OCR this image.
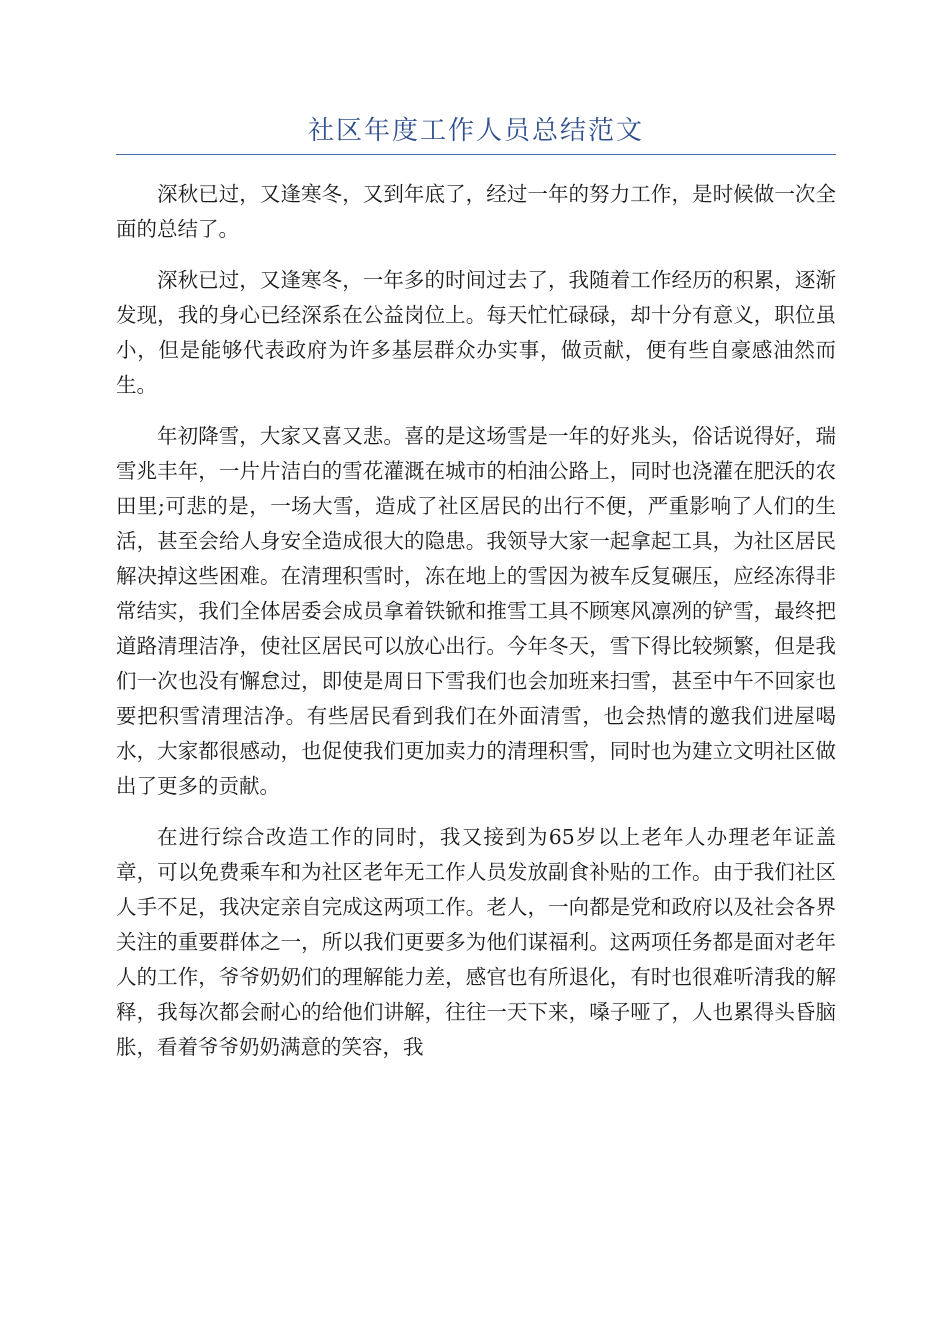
社区年度工作人员总结范文

深秋已过，又逢寒冬，又到年底了，经过一年的努力工作，是时候做一次全面的总结了。

深秋已过，又逢寒冬，一年多的时间过去了，我随着工作经历的积累，逐渐发现，我的身心已经深系在公益岗位上。每天忙忙碌碌，却十分有意义，职位虽小，但是能够代表政府为许多基层群众办实事，做贡献，便有些自豪感油然而生。

年初降雪，大家又喜又悲。喜的是这场雪是一年的好兆头，俗话说得好，瑞雪兆丰年，一片片洁白的雪花灌溉在城市的柏油公路上，同时也浇灌在肥沃的农田里;可悲的是，一场大雪，造成了社区居民的出行不便，严重影响了人们的生活，甚至会给人身安全造成很大的隐患。我领导大家一起拿起工具，为社区居民解决掉这些困难。在清理积雪时，冻在地上的雪因为被车反复碾压，应经冻得非常结实，我们全体居委会成员拿着铁锨和推雪工具不顾寒风凛冽的铲雪，最终把道路清理洁净，使社区居民可以放心出行。今年冬天，雪下得比较频繁，但是我们一次也没有懈怠过，即使是周日下雪我们也会加班来扫雪，甚至中午不回家也要把积雪清理洁净。有些居民看到我们在外面清雪，也会热情的邀我们进屋喝水，大家都很感动，也促使我们更加卖力的清理积雪，同时也为建立文明社区做出了更多的贡献。

在进行综合改造工作的同时，我又接到为65岁以上老年人办理老年证盖章，可以免费乘车和为社区老年无工作人员发放副食补贴的工作。由于我们社区人手不足，我决定亲自完成这两项工作。老人，一向都是党和政府以及社会各界关注的重要群体之一，所以我们更要多为他们谋福利。这两项任务都是面对老年人的工作，爷爷奶奶们的理解能力差，感官也有所退化，有时也很难听清我的解释，我每次都会耐心的给他们讲解，往往一天下来，嗓子哑了，人也累得头昏脑胀，看着爷爷奶奶满意的笑容，我
